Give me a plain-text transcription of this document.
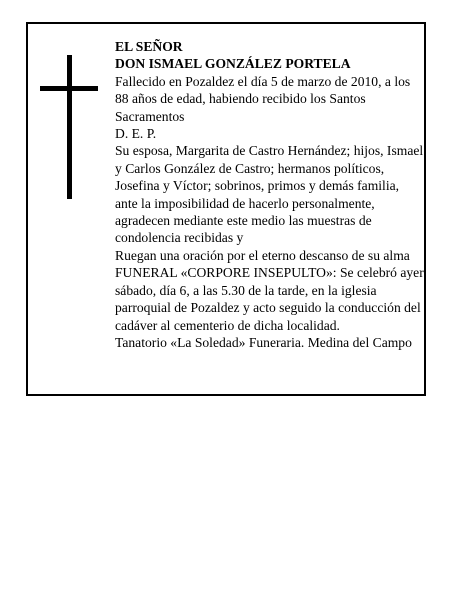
EL SEÑOR

DON ISMAEL GONZÁLEZ PORTELA

Fallecido en Pozaldez el día 5 de marzo de 2010, a los 88 años de edad, habiendo recibido los Santos Sacramentos

D. E. P.

Su esposa, Margarita de Castro Hernández; hijos, Ismael y Carlos González de Castro; hermanos políticos, Josefina y Víctor; sobrinos, primos y demás familia, ante la imposibilidad de hacerlo personalmente, agradecen mediante este medio las muestras de condolencia recibidas y

Ruegan una oración por el eterno descanso de su alma

FUNERAL «CORPORE INSEPULTO»: Se celebró ayer sábado, día 6, a las 5.30 de la tarde, en la iglesia parroquial de Pozaldez y acto seguido la conducción del cadáver al cementerio de dicha localidad.

Tanatorio «La Soledad» Funeraria. Medina del Campo
